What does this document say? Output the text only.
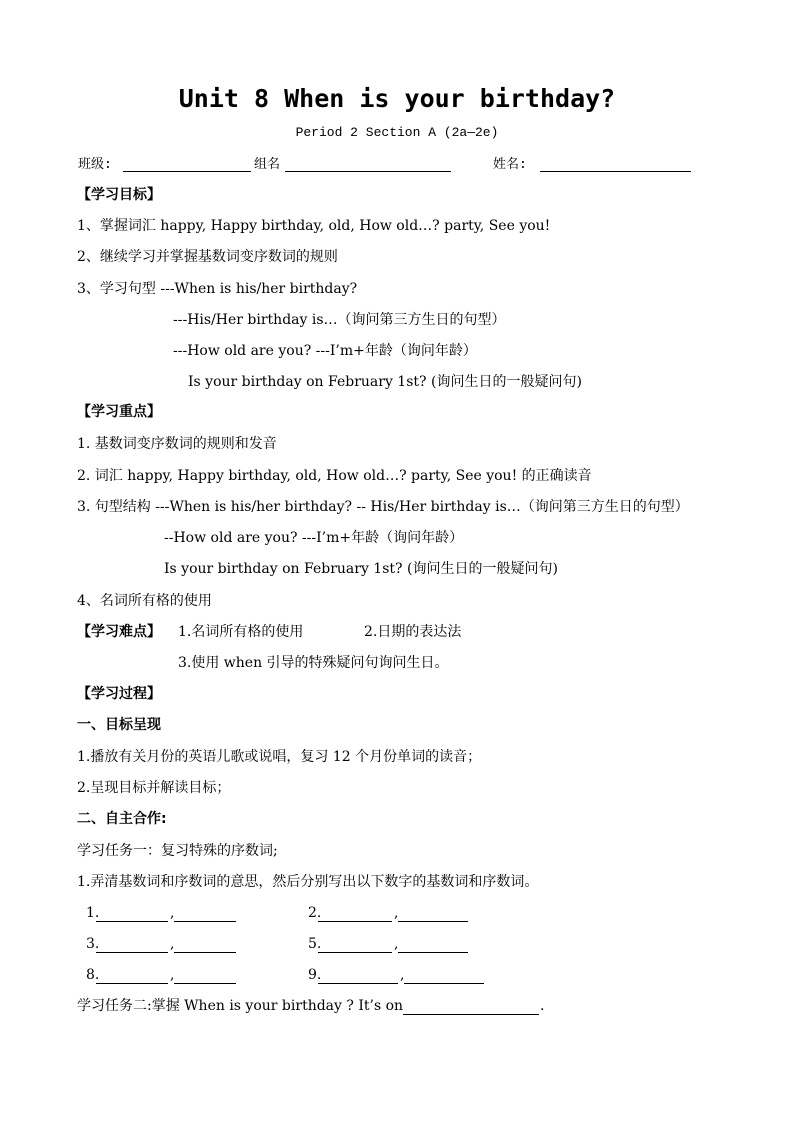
Unit 8 When is your birthday?
Period 2 Section A (2a—2e)
班级:	组名	姓名:
【学习目标】
1、掌握词汇 happy, Happy birthday, old, How old…? party, See you!
2、继续学习并掌握基数词变序数词的规则
3、学习句型 ---When is his/her birthday?
---His/Her birthday is…（询问第三方生日的句型）
---How old are you? ---I’m+年龄（询问年龄）
Is your birthday on February 1st? (询问生日的一般疑问句)
【学习重点】
1. 基数词变序数词的规则和发音
2. 词汇 happy, Happy birthday, old, How old…? party, See you! 的正确读音
3. 句型结构 ---When is his/her birthday? -- His/Her birthday is…（询问第三方生日的句型）
--How old are you? ---I’m+年龄（询问年龄）
Is your birthday on February 1st? (询问生日的一般疑问句)
4、名词所有格的使用
【学习难点】 1.名词所有格的使用	2.日期的表达法
3.使用 when 引导的特殊疑问句询问生日。
【学习过程】
一、目标呈现
1.播放有关月份的英语儿歌或说唱，复习 12 个月份单词的读音；
2.呈现目标并解读目标；
二、自主合作:
学习任务一：复习特殊的序数词;
1.弄清基数词和序数词的意思，然后分别写出以下数字的基数词和序数词。
1.	,	2.	,
3.	,	5.	,
8.	,	9.	,
学习任务二:掌握 When is your birthday ? It’s on	.
